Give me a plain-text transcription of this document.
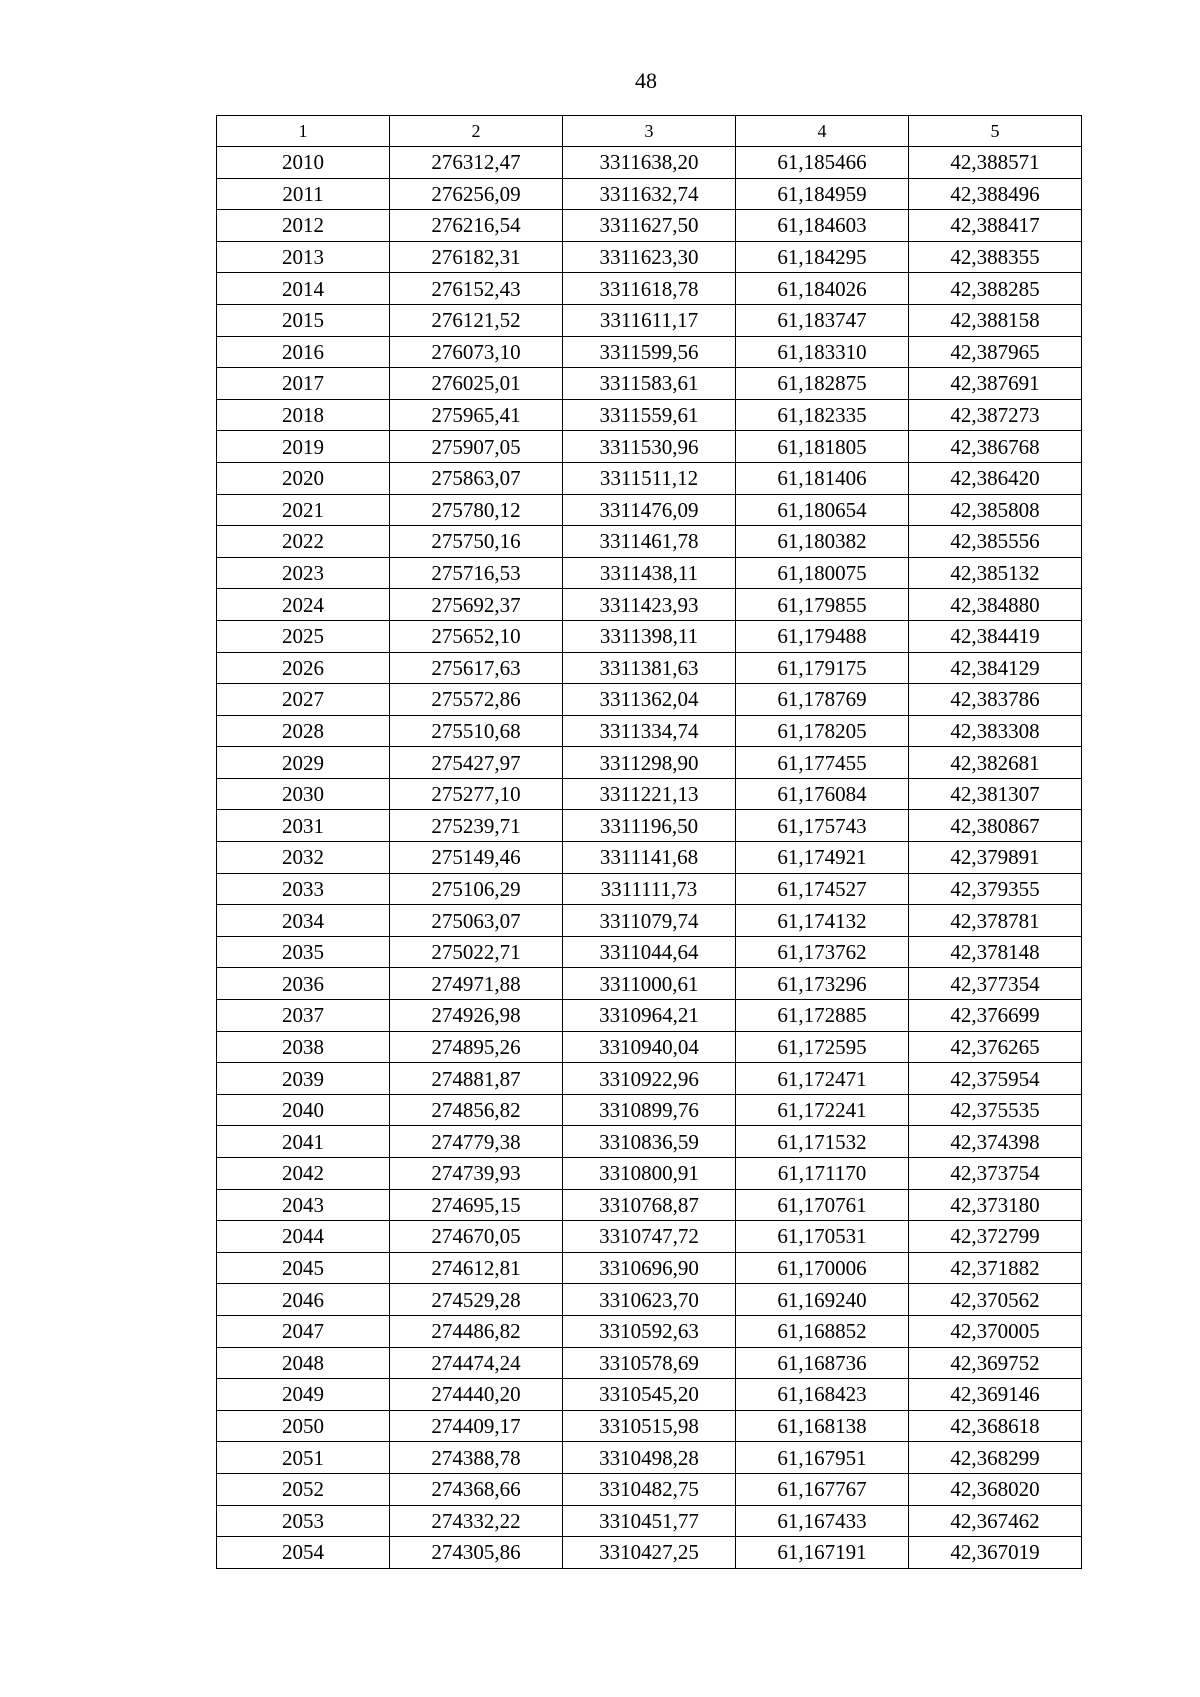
48
1	2	3	4	5
2010	276312,47	3311638,20	61,185466	42,388571
2011	276256,09	3311632,74	61,184959	42,388496
2012	276216,54	3311627,50	61,184603	42,388417
2013	276182,31	3311623,30	61,184295	42,388355
2014	276152,43	3311618,78	61,184026	42,388285
2015	276121,52	3311611,17	61,183747	42,388158
2016	276073,10	3311599,56	61,183310	42,387965
2017	276025,01	3311583,61	61,182875	42,387691
2018	275965,41	3311559,61	61,182335	42,387273
2019	275907,05	3311530,96	61,181805	42,386768
2020	275863,07	3311511,12	61,181406	42,386420
2021	275780,12	3311476,09	61,180654	42,385808
2022	275750,16	3311461,78	61,180382	42,385556
2023	275716,53	3311438,11	61,180075	42,385132
2024	275692,37	3311423,93	61,179855	42,384880
2025	275652,10	3311398,11	61,179488	42,384419
2026	275617,63	3311381,63	61,179175	42,384129
2027	275572,86	3311362,04	61,178769	42,383786
2028	275510,68	3311334,74	61,178205	42,383308
2029	275427,97	3311298,90	61,177455	42,382681
2030	275277,10	3311221,13	61,176084	42,381307
2031	275239,71	3311196,50	61,175743	42,380867
2032	275149,46	3311141,68	61,174921	42,379891
2033	275106,29	3311111,73	61,174527	42,379355
2034	275063,07	3311079,74	61,174132	42,378781
2035	275022,71	3311044,64	61,173762	42,378148
2036	274971,88	3311000,61	61,173296	42,377354
2037	274926,98	3310964,21	61,172885	42,376699
2038	274895,26	3310940,04	61,172595	42,376265
2039	274881,87	3310922,96	61,172471	42,375954
2040	274856,82	3310899,76	61,172241	42,375535
2041	274779,38	3310836,59	61,171532	42,374398
2042	274739,93	3310800,91	61,171170	42,373754
2043	274695,15	3310768,87	61,170761	42,373180
2044	274670,05	3310747,72	61,170531	42,372799
2045	274612,81	3310696,90	61,170006	42,371882
2046	274529,28	3310623,70	61,169240	42,370562
2047	274486,82	3310592,63	61,168852	42,370005
2048	274474,24	3310578,69	61,168736	42,369752
2049	274440,20	3310545,20	61,168423	42,369146
2050	274409,17	3310515,98	61,168138	42,368618
2051	274388,78	3310498,28	61,167951	42,368299
2052	274368,66	3310482,75	61,167767	42,368020
2053	274332,22	3310451,77	61,167433	42,367462
2054	274305,86	3310427,25	61,167191	42,367019
